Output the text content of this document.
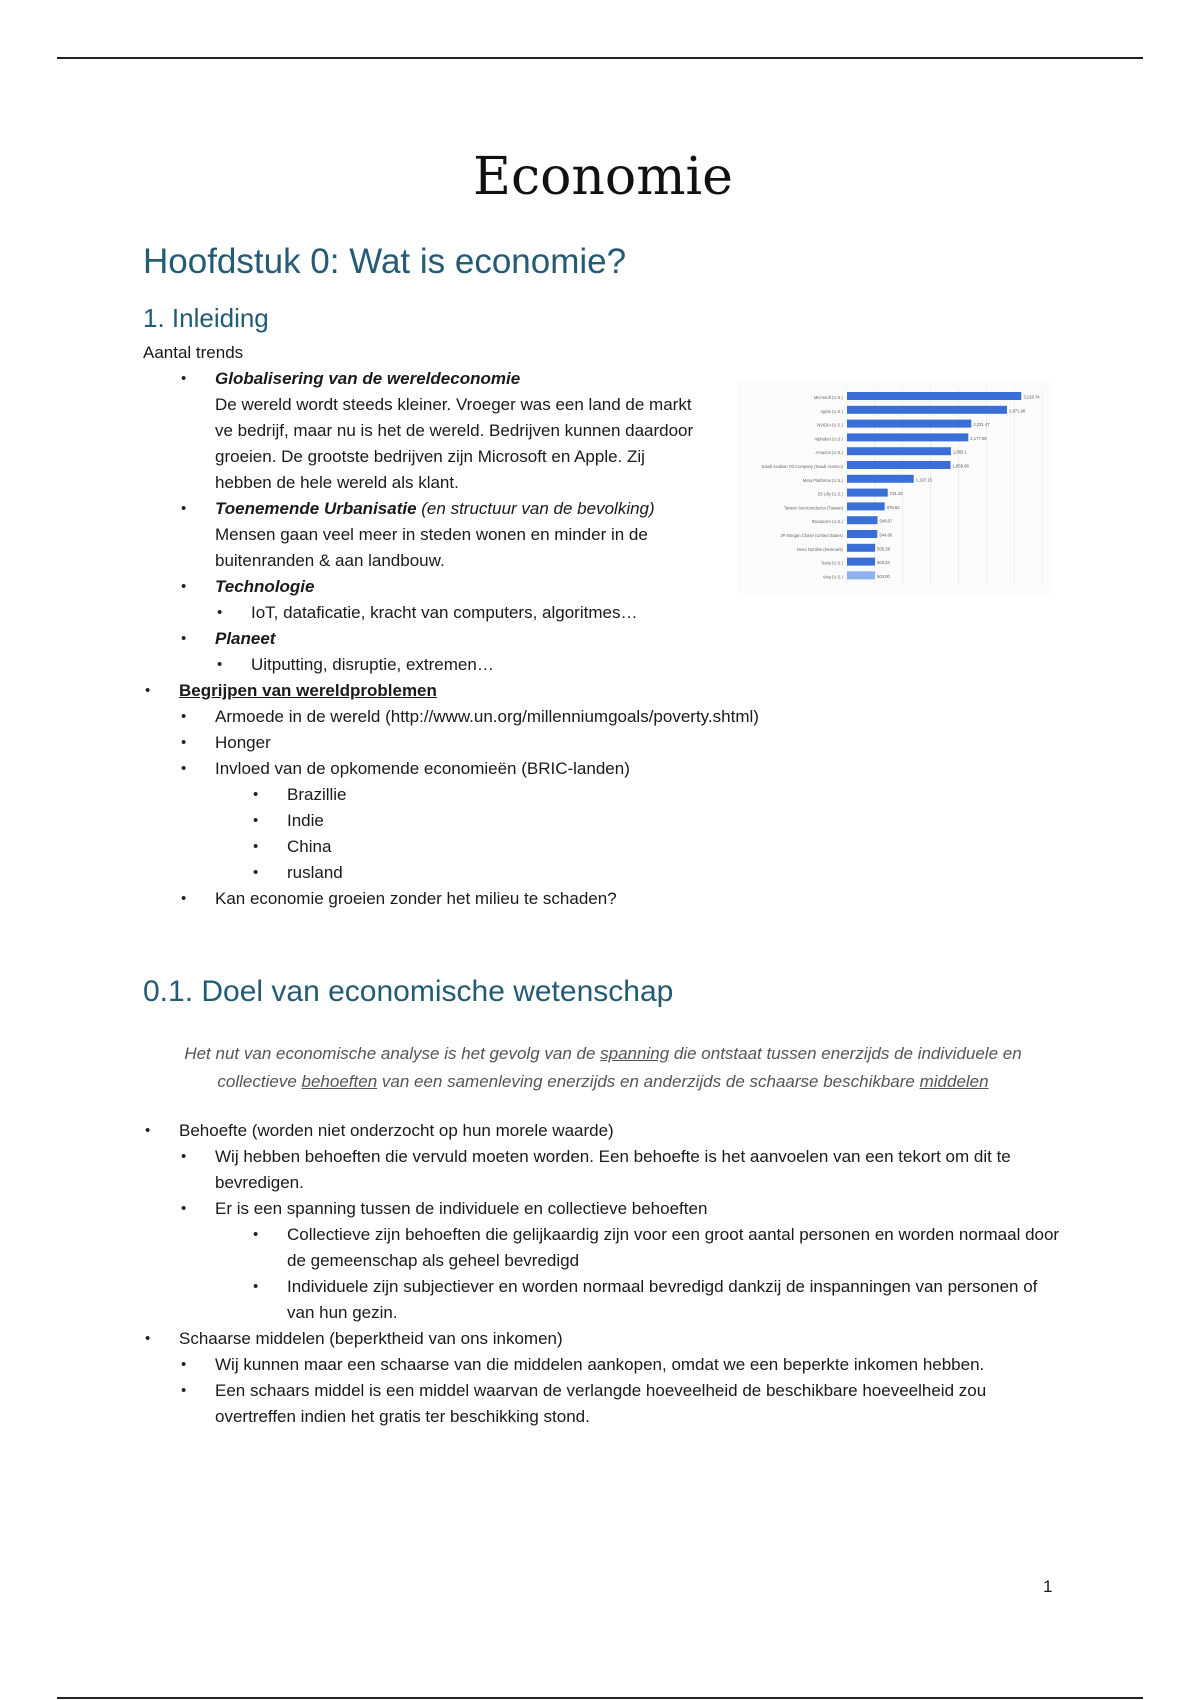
Economie
Hoofdstuk 0: Wat is economie?
1. Inleiding

Aantal trends

• Globalisering van de wereldeconomie

De wereld wordt steeds kleiner. Vroeger was een land de markt ve bedrijf, maar nu is het de wereld. Bedrijven kunnen daardoor groeien. De grootste bedrijven zijn Microsoft en Apple. Zij hebben de hele wereld als klant.

• Toenemende Urbanisatie (en structuur van de bevolking)

Mensen gaan veel meer in steden wonen en minder in de buitenranden & aan landbouw.

• Technologie
• IoT, dataficatie, kracht van computers, algoritmes…
• Planeet
• Uitputting, disruptie, extremen…
• Begrijpen van wereldproblemen
• Armoede in de wereld (http://www.un.org/millenniumgoals/poverty.shtml)
• Honger
• Invloed van de opkomende economieën (BRIC-landen)
• Brazillie
• Indie
• China
• rusland
• Kan economie groeien zonder het milieu te schaden?
0.1. Doel van economische wetenschap

Het nut van economische analyse is het gevolg van de spanning die ontstaat tussen enerzijds de individuele en collectieve behoeften van een samenleving enerzijds en anderzijds de schaarse beschikbare middelen

• Behoefte (worden niet onderzocht op hun morele waarde)
• Wij hebben behoeften die vervuld moeten worden. Een behoefte is het aanvoelen van een tekort om dit te bevredigen.
• Er is een spanning tussen de individuele en collectieve behoeften
• Collectieve zijn behoeften die gelijkaardig zijn voor een groot aantal personen en worden normaal door de gemeenschap als geheel bevredigd
• Individuele zijn subjectiever en worden normaal bevredigd dankzij de inspanningen van personen of van hun gezin.
• Schaarse middelen (beperktheid van ons inkomen)
• Wij kunnen maar een schaarse van die middelen aankopen, omdat we een beperkte inkomen hebben.
• Een schaars middel is een middel waarvan de verlangde hoeveelheid de beschikbare hoeveelheid zou overtreffen indien het gratis ter beschikking stond.
Microsoft (U.S.)	3,128.74
Apple (U.S.)	2,871.98
NVIDIA (U.S.)	2,231.47
Alphabet (U.S.)	2,177.08
Amazon (U.S.)	1,865.1
Saudi Arabian Oil Company (Saudi Aramco)	1,858.66
Meta Platforms (U.S.)	1,197.15
Eli Lilly (U.S.)	731.19
Taiwan Semiconductor (Taiwan)	676.62
Broadcom (U.S.)	548.07
JP Morgan Chase (United States)	544.60
Novo Nordisk (Denmark)	505.38
Tesla (U.S.)	503.34
Visa (U.S.)	503.00
1
